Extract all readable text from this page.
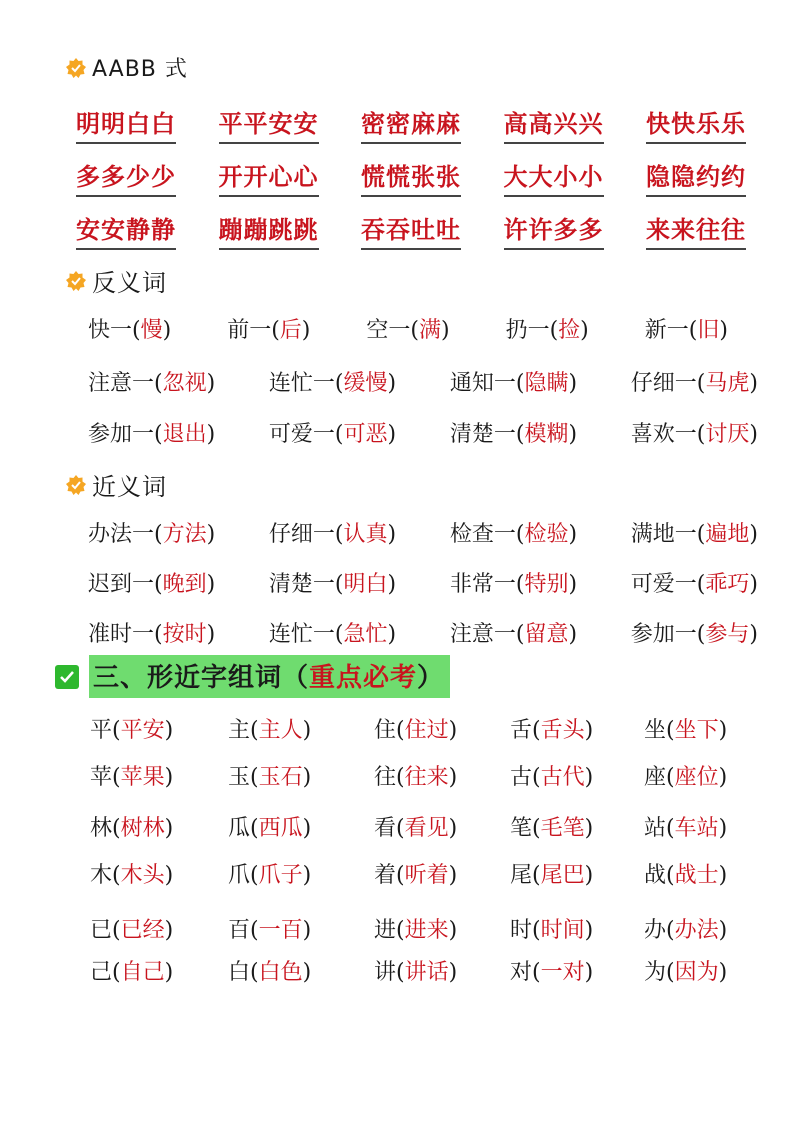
AABB 式
明明白白 平平安安 密密麻麻 高高兴兴 快快乐乐
多多少少 开开心心 慌慌张张 大大小小 隐隐约约
安安静静 蹦蹦跳跳 吞吞吐吐 许许多多 来来往往
反义词
快一(慢)	前一(后)	空一(满)	扔一(捡)	新一(旧)
注意一(忽视) 连忙一(缓慢) 通知一(隐瞒) 仔细一(马虎)
参加一(退出) 可爱一(可恶) 清楚一(模糊) 喜欢一(讨厌)
近义词
办法一(方法) 仔细一(认真) 检查一(检验) 满地一(遍地)
迟到一(晚到) 清楚一(明白) 非常一(特别) 可爱一(乖巧)
准时一(按时) 连忙一(急忙) 注意一(留意) 参加一(参与)
三、形近字组词（重点必考）
平(平安)	主(主人)	住(住过)	舌(舌头)	坐(坐下)
苹(苹果)	玉(玉石)	往(往来)	古(古代)	座(座位)
林(树林)	瓜(西瓜)	看(看见)	笔(毛笔)	站(车站)
木(木头)	爪(爪子)	着(听着)	尾(尾巴)	战(战士)
已(已经)	百(一百)	进(进来)	时(时间)	办(办法)
己(自己)	白(白色)	讲(讲话)	对(一对)	为(因为)
